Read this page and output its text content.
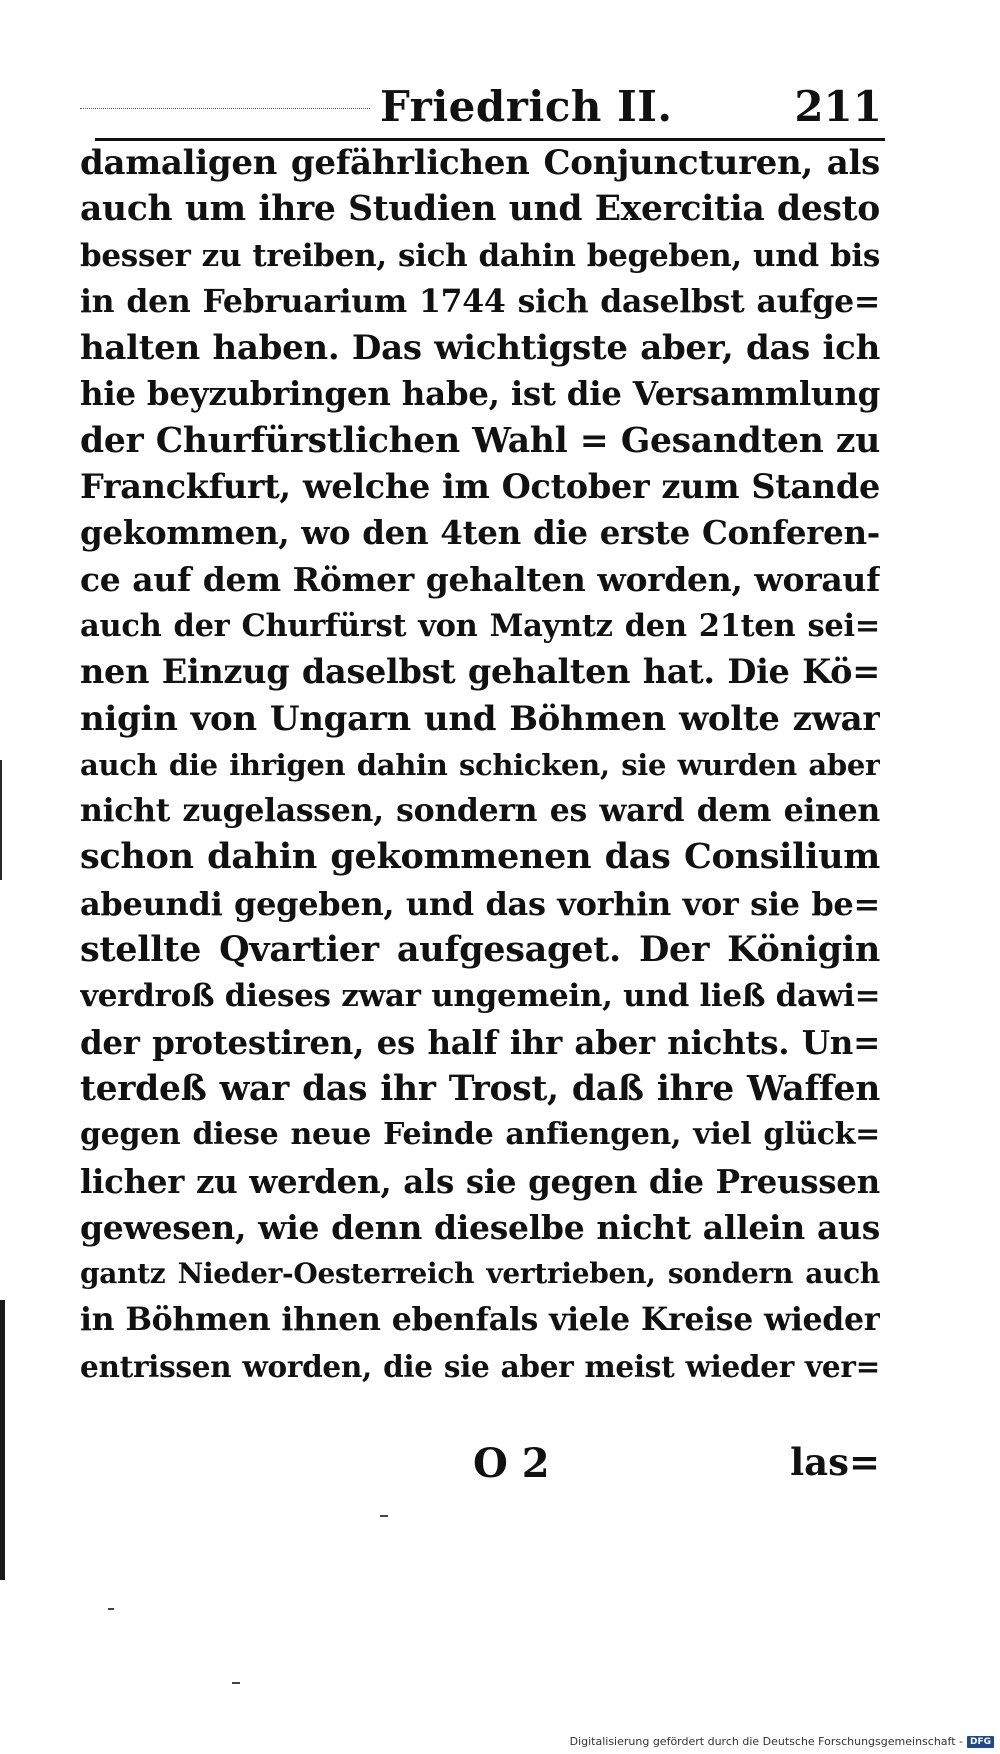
Friedrich II.	211
damaligen gefährlichen Conjuncturen, als
auch um ihre Studien und Exercitia desto
besser zu treiben, sich dahin begeben, und bis
in den Februarium 1744 sich daselbst aufge=
halten haben. Das wichtigste aber, das ich
hie beyzubringen habe, ist die Versammlung
der Churfürstlichen Wahl = Gesandten zu
Franckfurt, welche im October zum Stande
gekommen, wo den 4ten die erste Conferen-
ce auf dem Römer gehalten worden, worauf
auch der Churfürst von Mayntz den 21ten sei=
nen Einzug daselbst gehalten hat. Die Kö=
nigin von Ungarn und Böhmen wolte zwar
auch die ihrigen dahin schicken, sie wurden aber
nicht zugelassen, sondern es ward dem einen
schon dahin gekommenen das Consilium
abeundi gegeben, und das vorhin vor sie be=
stellte Qvartier aufgesaget. Der Königin
verdroß dieses zwar ungemein, und ließ dawi=
der protestiren, es half ihr aber nichts. Un=
terdeß war das ihr Trost, daß ihre Waffen
gegen diese neue Feinde anfiengen, viel glück=
licher zu werden, als sie gegen die Preussen
gewesen, wie denn dieselbe nicht allein aus
gantz Nieder-Oesterreich vertrieben, sondern auch
in Böhmen ihnen ebenfals viele Kreise wieder
entrissen worden, die sie aber meist wieder ver=
O 2	las=
Digitalisierung gefördert durch die Deutsche Forschungsgemeinschaft - DFG
